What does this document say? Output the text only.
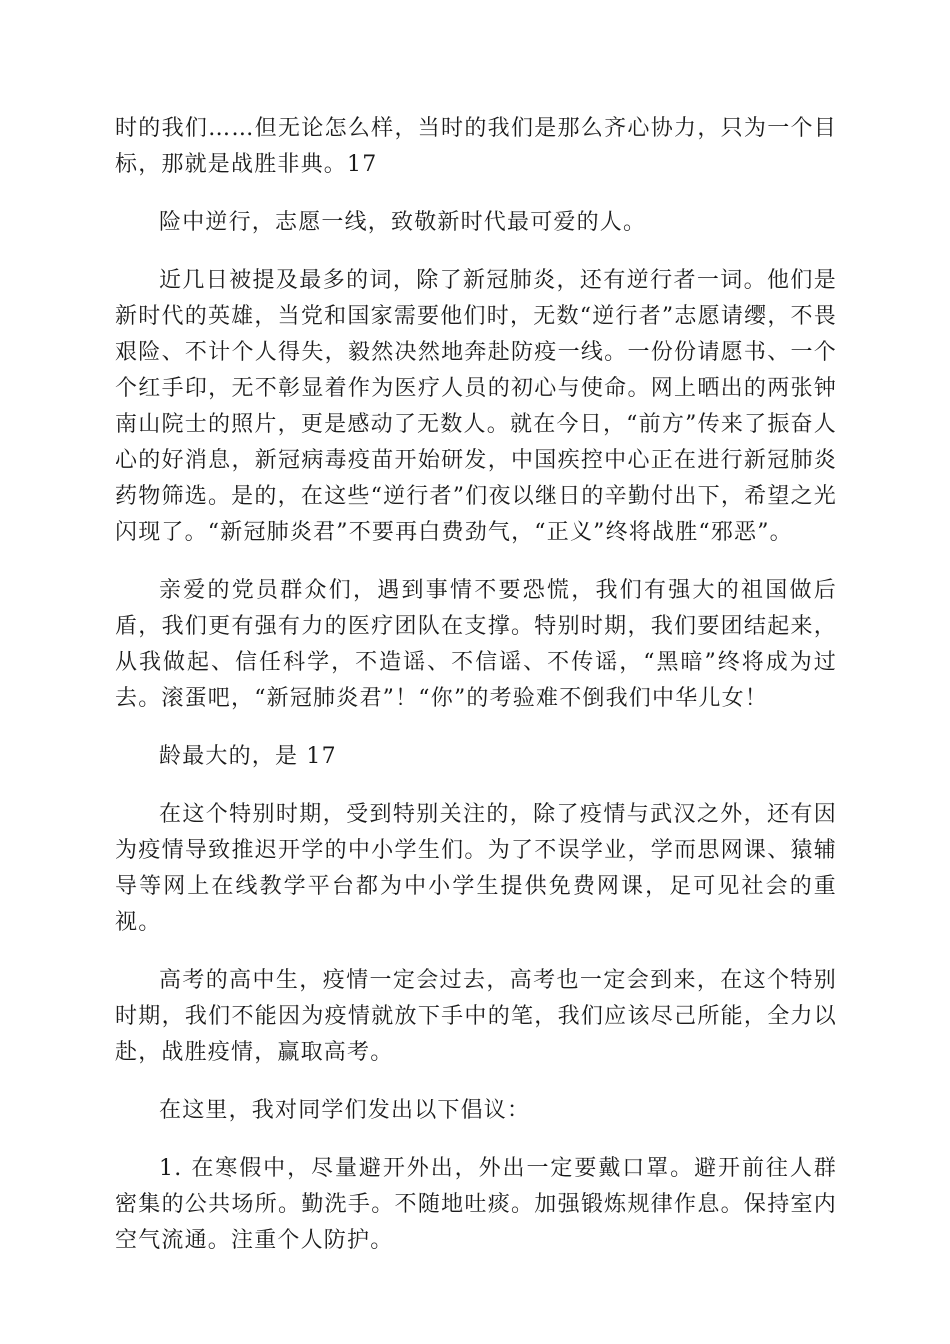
时的我们……但无论怎么样，当时的我们是那么齐心协力，只为一个目标，那就是战胜非典。17

险中逆行，志愿一线，致敬新时代最可爱的人。

近几日被提及最多的词，除了新冠肺炎，还有逆行者一词。他们是新时代的英雄，当党和国家需要他们时，无数“逆行者”志愿请缨，不畏艰险、不计个人得失，毅然决然地奔赴防疫一线。一份份请愿书、一个个红手印，无不彰显着作为医疗人员的初心与使命。网上晒出的两张钟南山院士的照片，更是感动了无数人。就在今日，“前方”传来了振奋人心的好消息，新冠病毒疫苗开始研发，中国疾控中心正在进行新冠肺炎药物筛选。是的，在这些“逆行者”们夜以继日的辛勤付出下，希望之光闪现了。“新冠肺炎君”不要再白费劲气，“正义”终将战胜“邪恶”。

亲爱的党员群众们，遇到事情不要恐慌，我们有强大的祖国做后盾，我们更有强有力的医疗团队在支撑。特别时期，我们要团结起来，从我做起、信任科学，不造谣、不信谣、不传谣，“黑暗”终将成为过去。滚蛋吧，“新冠肺炎君”！“你”的考验难不倒我们中华儿女！

龄最大的，是 17

在这个特别时期，受到特别关注的，除了疫情与武汉之外，还有因为疫情导致推迟开学的中小学生们。为了不误学业，学而思网课、猿辅导等网上在线教学平台都为中小学生提供免费网课，足可见社会的重视。

高考的高中生，疫情一定会过去，高考也一定会到来，在这个特别时期，我们不能因为疫情就放下手中的笔，我们应该尽己所能，全力以赴，战胜疫情，赢取高考。

在这里，我对同学们发出以下倡议：

1. 在寒假中，尽量避开外出，外出一定要戴口罩。避开前往人群密集的公共场所。勤洗手。不随地吐痰。加强锻炼规律作息。保持室内空气流通。注重个人防护。
